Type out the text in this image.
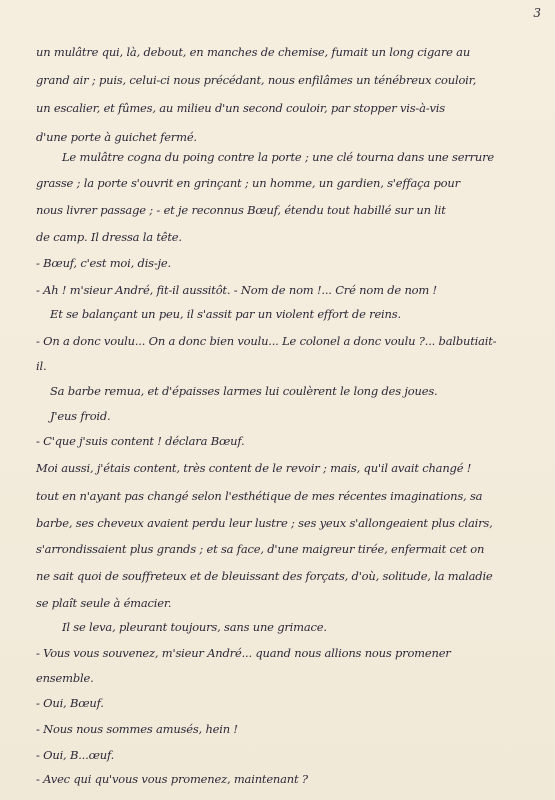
3

un mulâtre qui, là, debout, en manches de chemise, fumait un long cigare au

grand air ; puis, celui-ci nous précédant, nous enfilâmes un ténébreux couloir,

un escalier, et fûmes, au milieu d'un second couloir, par stopper vis-à-vis

d'une porte à guichet fermé.

Le mulâtre cogna du poing contre la porte ; une clé tourna dans une serrure

grasse ; la porte s'ouvrit en grinçant ; un homme, un gardien, s'effaça pour

nous livrer passage ; - et je reconnus Bœuf, étendu tout habillé sur un lit

de camp. Il dressa la tête.

- Bœuf, c'est moi, dis-je.

- Ah ! m'sieur André, fit-il aussitôt. - Nom de nom !... Cré nom de nom !

Et se balançant un peu, il s'assit par un violent effort de reins.

- On a donc voulu... On a donc bien voulu... Le colonel a donc voulu ?... balbutiait-

il.

Sa barbe remua, et d'épaisses larmes lui coulèrent le long des joues.

J'eus froid.

- C'que j'suis content ! déclara Bœuf.

Moi aussi, j'étais content, très content de le revoir ; mais, qu'il avait changé !

tout en n'ayant pas changé selon l'esthétique de mes récentes imaginations, sa

barbe, ses cheveux avaient perdu leur lustre ; ses yeux s'allongeaient plus clairs,

s'arrondissaient plus grands ; et sa face, d'une maigreur tirée, enfermait cet on

ne sait quoi de souffreteux et de bleuissant des forçats, d'où, solitude, la maladie

se plaît seule à émacier.

Il se leva, pleurant toujours, sans une grimace.

- Vous vous souvenez, m'sieur André... quand nous allions nous promener

ensemble.

- Oui, Bœuf.

- Nous nous sommes amusés, hein !

- Oui, B...œuf.

- Avec qui qu'vous vous promenez, maintenant ?
